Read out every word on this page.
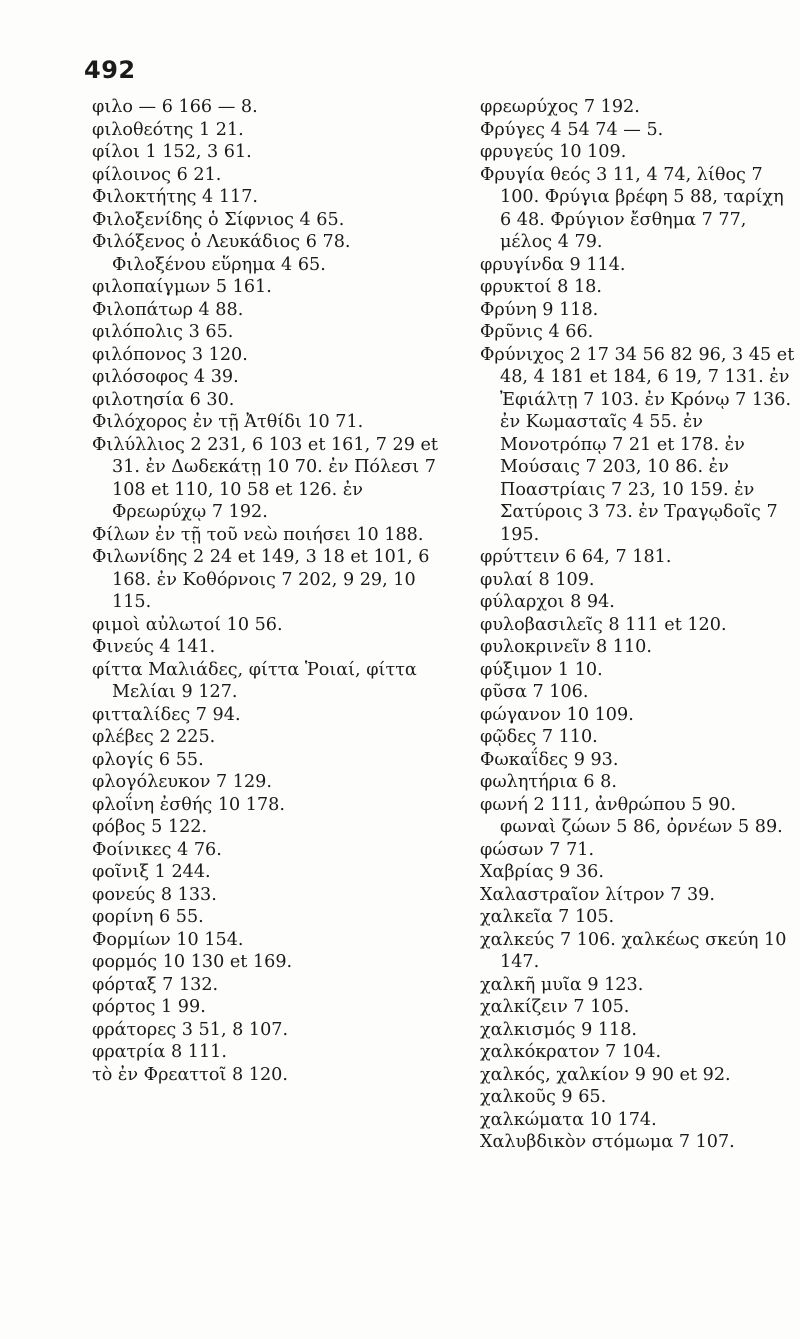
492

φιλο — 6 166 — 8.

φιλοθεότης 1 21.

φίλοι 1 152, 3 61.

φίλοινος 6 21.

Φιλοκτήτης 4 117.

Φιλοξενίδης ὁ Σίφνιος 4 65.

Φιλόξενος ὁ Λευκάδιος 6 78. Φιλοξένου εὕρημα 4 65.

φιλοπαίγμων 5 161.

Φιλοπάτωρ 4 88.

φιλόπολις 3 65.

φιλόπονος 3 120.

φιλόσοφος 4 39.

φιλοτησία 6 30.

Φιλόχορος ἐν τῇ Ἀτθίδι 10 71.

Φιλύλλιος 2 231, 6 103 et 161, 7 29 et 31. ἐν Δωδεκάτῃ 10 70. ἐν Πόλεσι 7 108 et 110, 10 58 et 126. ἐν Φρεωρύχῳ 7 192.

Φίλων ἐν τῇ τοῦ νεὼ ποιήσει 10 188.

Φιλωνίδης 2 24 et 149, 3 18 et 101, 6 168. ἐν Κοθόρνοις 7 202, 9 29, 10 115.

φιμοὶ αὐλωτοί 10 56.

Φινεύς 4 141.

φίττα Μαλιάδες, φίττα Ῥοιαί, φίττα Μελίαι 9 127.

φιτταλίδες 7 94.

φλέβες 2 225.

φλογίς 6 55.

φλογόλευκον 7 129.

φλοΐνη ἐσθής 10 178.

φόβος 5 122.

Φοίνικες 4 76.

φοῖνιξ 1 244.

φονεύς 8 133.

φορίνη 6 55.

Φορμίων 10 154.

φορμός 10 130 et 169.

φόρταξ 7 132.

φόρτος 1 99.

φράτορες 3 51, 8 107.

φρατρία 8 111.

τὸ ἐν Φρεαττοῖ 8 120.

φρεωρύχος 7 192.

Φρύγες 4 54 74 — 5.

φρυγεύς 10 109.

Φρυγία θεός 3 11, 4 74, λίθος 7 100. Φρύγια βρέφη 5 88, ταρίχη 6 48. Φρύγιον ἔσθημα 7 77, μέλος 4 79.

φρυγίνδα 9 114.

φρυκτοί 8 18.

Φρύνη 9 118.

Φρῦνις 4 66.

Φρύνιχος 2 17 34 56 82 96, 3 45 et 48, 4 181 et 184, 6 19, 7 131. ἐν Ἐφιάλτῃ 7 103. ἐν Κρόνῳ 7 136. ἐν Κωμασταῖς 4 55. ἐν Μονοτρόπῳ 7 21 et 178. ἐν Μούσαις 7 203, 10 86. ἐν Ποαστρίαις 7 23, 10 159. ἐν Σατύροις 3 73. ἐν Τραγῳδοῖς 7 195.

φρύττειν 6 64, 7 181.

φυλαί 8 109.

φύλαρχοι 8 94.

φυλοβασιλεῖς 8 111 et 120.

φυλοκρινεῖν 8 110.

φύξιμον 1 10.

φῦσα 7 106.

φώγανον 10 109.

φῷδες 7 110.

Φωκαΐδες 9 93.

φωλητήρια 6 8.

φωνή 2 111, ἀνθρώπου 5 90. φωναὶ ζώων 5 86, ὀρνέων 5 89.

φώσων 7 71.

Χαβρίας 9 36.

Χαλαστραῖον λίτρον 7 39.

χαλκεῖα 7 105.

χαλκεύς 7 106. χαλκέως σκεύη 10 147.

χαλκῆ μυῖα 9 123.

χαλκίζειν 7 105.

χαλκισμός 9 118.

χαλκόκρατον 7 104.

χαλκός, χαλκίον 9 90 et 92.

χαλκοῦς 9 65.

χαλκώματα 10 174.

Χαλυβδικὸν στόμωμα 7 107.
